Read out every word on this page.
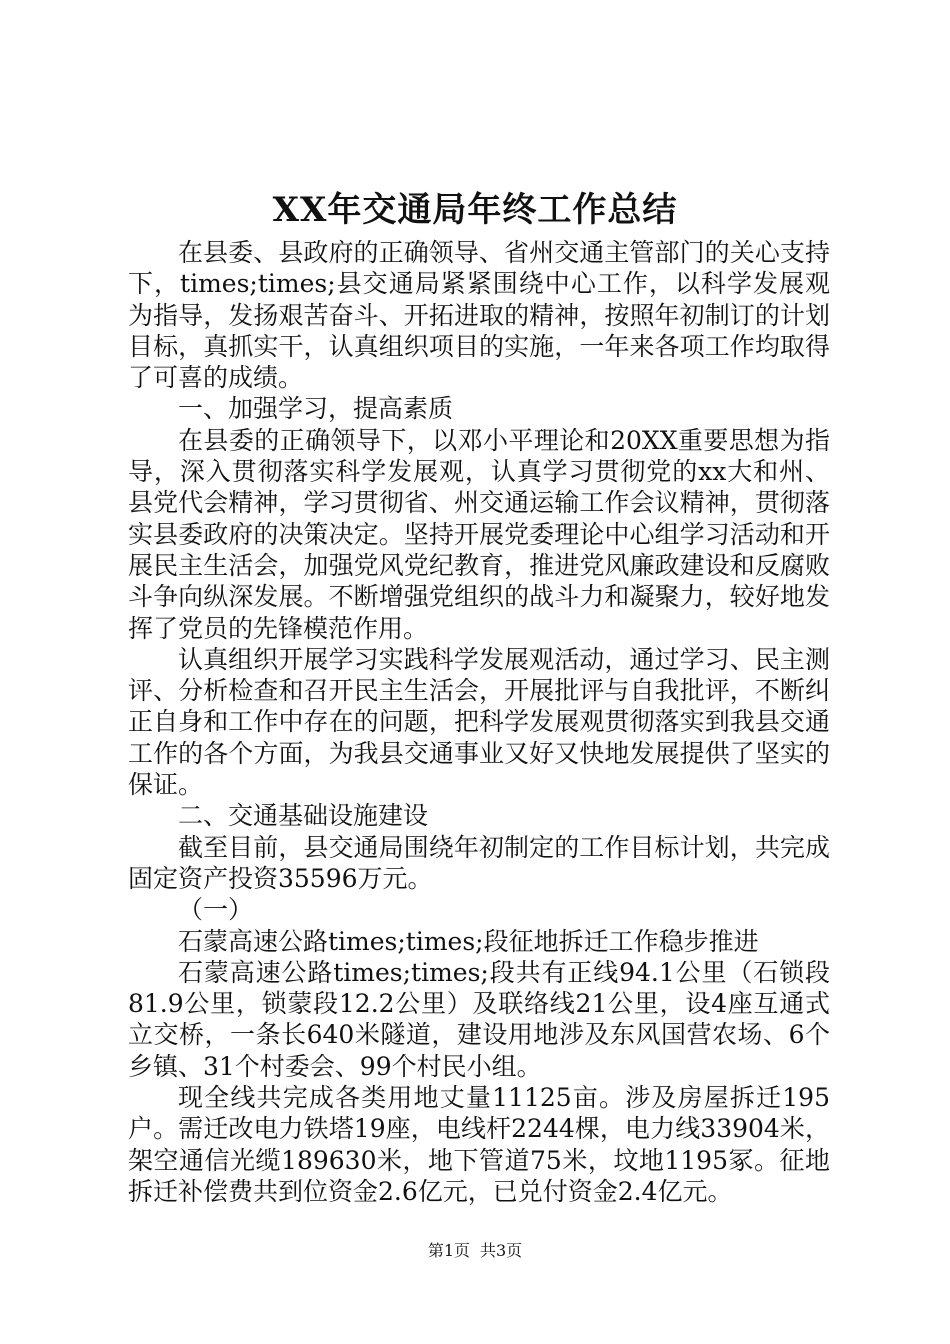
XX年交通局年终工作总结

在县委、县政府的正确领导、省州交通主管部门的关心支持下，times;times;县交通局紧紧围绕中心工作，以科学发展观为指导，发扬艰苦奋斗、开拓进取的精神，按照年初制订的计划目标，真抓实干，认真组织项目的实施，一年来各项工作均取得了可喜的成绩。

一、加强学习，提高素质

在县委的正确领导下，以邓小平理论和20XX重要思想为指导，深入贯彻落实科学发展观，认真学习贯彻党的xx大和州、县党代会精神，学习贯彻省、州交通运输工作会议精神，贯彻落实县委政府的决策决定。坚持开展党委理论中心组学习活动和开展民主生活会，加强党风党纪教育，推进党风廉政建设和反腐败斗争向纵深发展。不断增强党组织的战斗力和凝聚力，较好地发挥了党员的先锋模范作用。

认真组织开展学习实践科学发展观活动，通过学习、民主测评、分析检查和召开民主生活会，开展批评与自我批评，不断纠正自身和工作中存在的问题，把科学发展观贯彻落实到我县交通工作的各个方面，为我县交通事业又好又快地发展提供了坚实的保证。

二、交通基础设施建设

截至目前，县交通局围绕年初制定的工作目标计划，共完成固定资产投资35596万元。

（一）

石蒙高速公路times;times;段征地拆迁工作稳步推进

石蒙高速公路times;times;段共有正线94.1公里（石锁段81.9公里，锁蒙段12.2公里）及联络线21公里，设4座互通式立交桥，一条长640米隧道，建设用地涉及东风国营农场、6个乡镇、31个村委会、99个村民小组。

现全线共完成各类用地丈量11125亩。涉及房屋拆迁195户。需迁改电力铁塔19座，电线杆2244棵，电力线33904米，架空通信光缆189630米，地下管道75米，坟地1195冢。征地拆迁补偿费共到位资金2.6亿元，已兑付资金2.4亿元。

第1页 共3页
